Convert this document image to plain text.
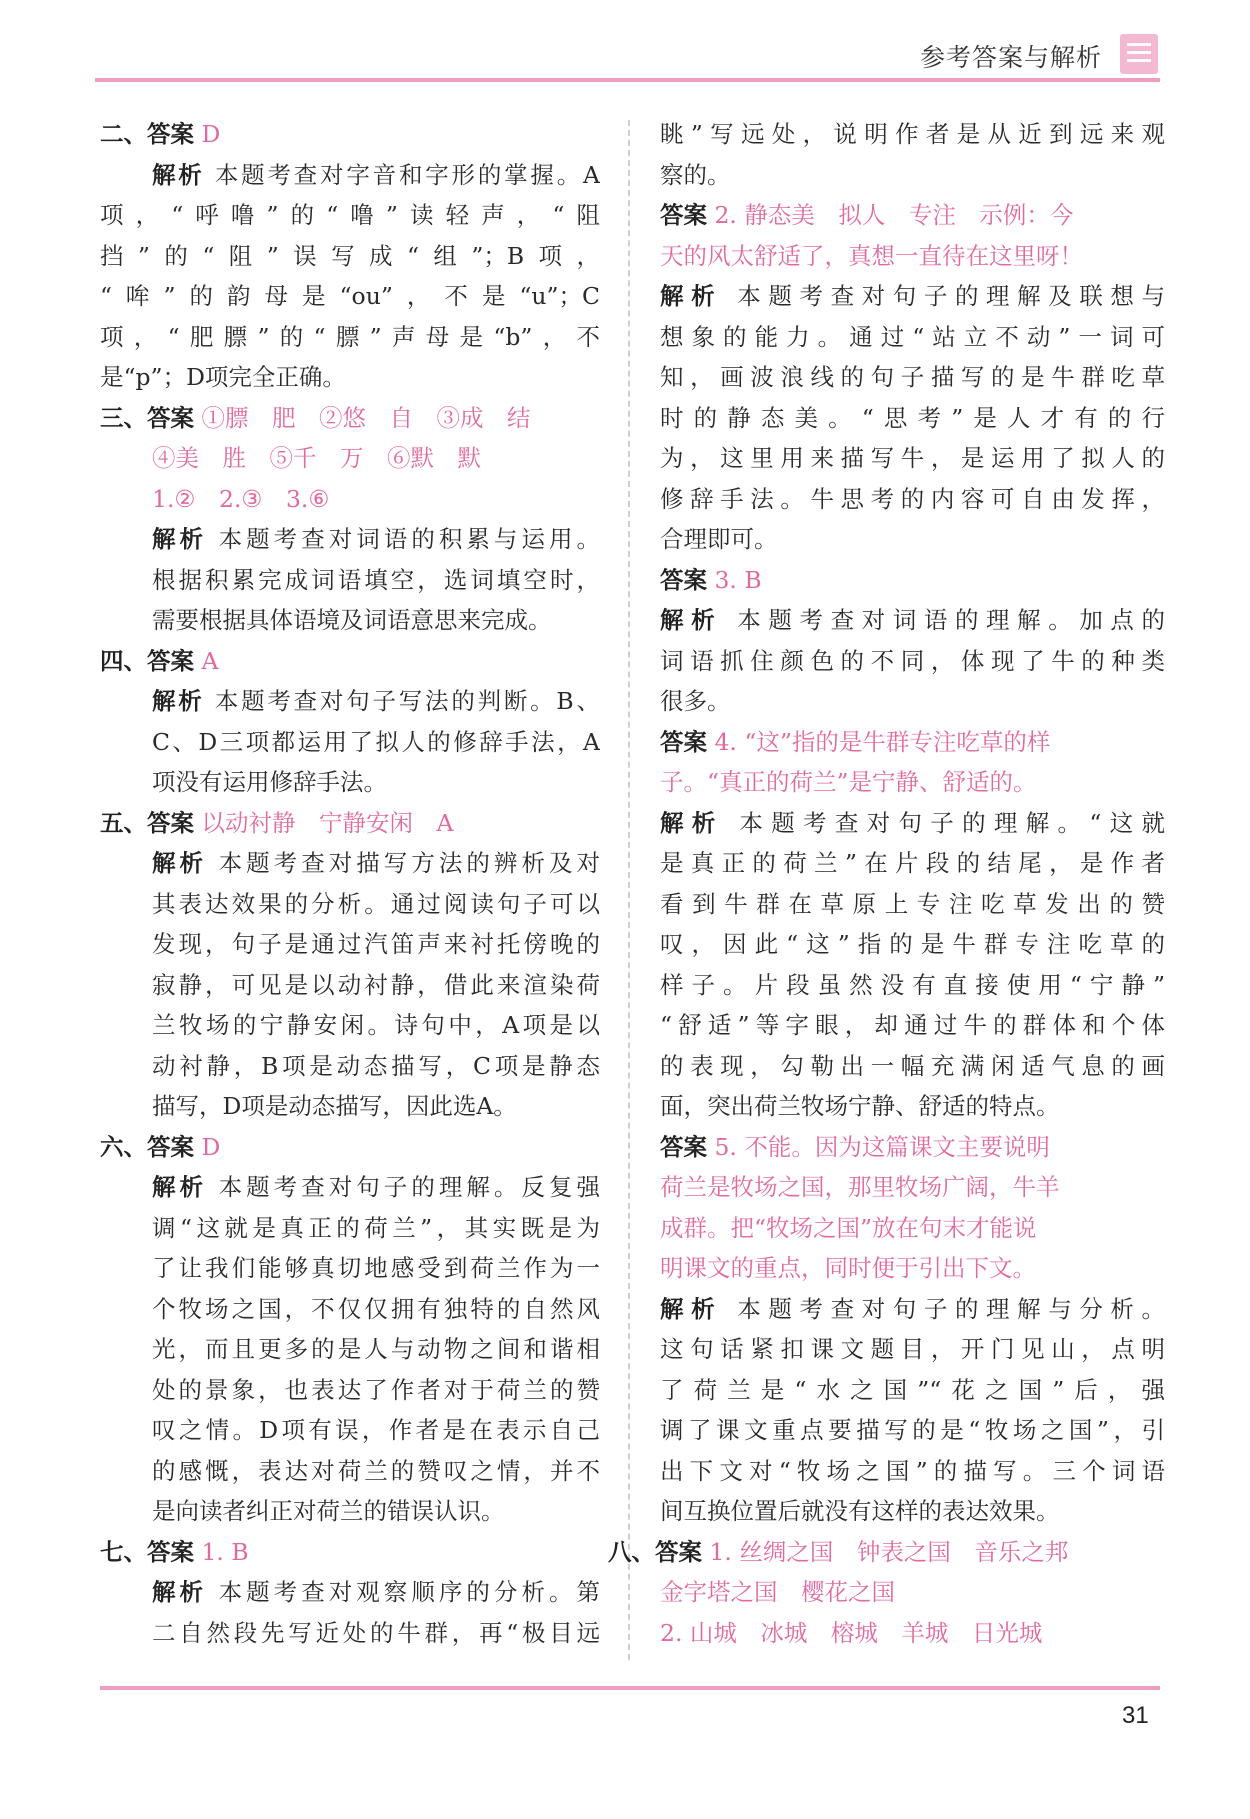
参考答案与解析
二、答案 D
解析 本题考查对字音和字形的掌握。A
项，“呼噜”的“噜”读轻声，“阻
挡”的“阻”误写成“组”；B项，
“哞”的韵母是“ou”，不是“u”；C
项，“肥膘”的“膘”声母是“b”，不
是“p”；D项完全正确。
三、答案 ①膘　肥　②悠　自　③成　结
④美　胜　⑤千　万　⑥默　默
1.②　2.③　3.⑥
解析 本题考查对词语的积累与运用。
根据积累完成词语填空，选词填空时，
需要根据具体语境及词语意思来完成。
四、答案 A
解析 本题考查对句子写法的判断。B、
C、D三项都运用了拟人的修辞手法，A
项没有运用修辞手法。
五、答案 以动衬静　宁静安闲　A
解析 本题考查对描写方法的辨析及对
其表达效果的分析。通过阅读句子可以
发现，句子是通过汽笛声来衬托傍晚的
寂静，可见是以动衬静，借此来渲染荷
兰牧场的宁静安闲。诗句中，A项是以
动衬静，B项是动态描写，C项是静态
描写，D项是动态描写，因此选A。
六、答案 D
解析 本题考查对句子的理解。反复强
调“这就是真正的荷兰”，其实既是为
了让我们能够真切地感受到荷兰作为一
个牧场之国，不仅仅拥有独特的自然风
光，而且更多的是人与动物之间和谐相
处的景象，也表达了作者对于荷兰的赞
叹之情。D项有误，作者是在表示自己
的感慨，表达对荷兰的赞叹之情，并不
是向读者纠正对荷兰的错误认识。
七、答案 1. B
解析 本题考查对观察顺序的分析。第
二自然段先写近处的牛群，再“极目远
眺”写远处，说明作者是从近到远来观
察的。
答案 2. 静态美　拟人　专注　示例：今
天的风太舒适了，真想一直待在这里呀！
解析 本题考查对句子的理解及联想与
想象的能力。通过“站立不动”一词可
知，画波浪线的句子描写的是牛群吃草
时的静态美。“思考”是人才有的行
为，这里用来描写牛，是运用了拟人的
修辞手法。牛思考的内容可自由发挥，
合理即可。
答案 3. B
解析 本题考查对词语的理解。加点的
词语抓住颜色的不同，体现了牛的种类
很多。
答案 4. “这”指的是牛群专注吃草的样
子。“真正的荷兰”是宁静、舒适的。
解析 本题考查对句子的理解。“这就
是真正的荷兰”在片段的结尾，是作者
看到牛群在草原上专注吃草发出的赞
叹，因此“这”指的是牛群专注吃草的
样子。片段虽然没有直接使用“宁静”
“舒适”等字眼，却通过牛的群体和个体
的表现，勾勒出一幅充满闲适气息的画
面，突出荷兰牧场宁静、舒适的特点。
答案 5. 不能。因为这篇课文主要说明
荷兰是牧场之国，那里牧场广阔，牛羊
成群。把“牧场之国”放在句末才能说
明课文的重点，同时便于引出下文。
解析 本题考查对句子的理解与分析。
这句话紧扣课文题目，开门见山，点明
了荷兰是“水之国”“花之国”后，强
调了课文重点要描写的是“牧场之国”，引
出下文对“牧场之国”的描写。三个词语
间互换位置后就没有这样的表达效果。
八、答案 1. 丝绸之国　钟表之国　音乐之邦
金字塔之国　樱花之国
2. 山城　冰城　榕城　羊城　日光城
31
